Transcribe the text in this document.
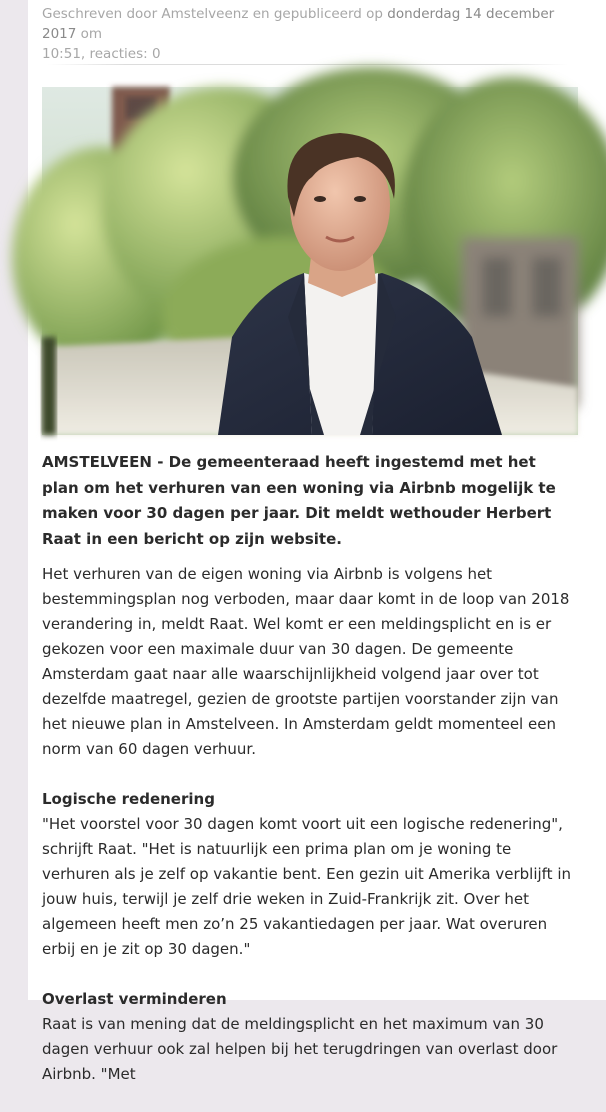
Geschreven door Amstelveenz en gepubliceerd op donderdag 14 december 2017 om
10:51, reacties: 0

AMSTELVEEN - De gemeenteraad heeft ingestemd met het plan om het verhuren van een woning via Airbnb mogelijk te maken voor 30 dagen per jaar. Dit meldt wethouder Herbert Raat in een bericht op zijn website.

Het verhuren van de eigen woning via Airbnb is volgens het bestemmingsplan nog verboden, maar daar komt in de loop van 2018 verandering in, meldt Raat. Wel komt er een meldingsplicht en is er gekozen voor een maximale duur van 30 dagen. De gemeente Amsterdam gaat naar alle waarschijnlijkheid volgend jaar over tot dezelfde maatregel, gezien de grootste partijen voorstander zijn van het nieuwe plan in Amstelveen. In Amsterdam geldt momenteel een norm van 60 dagen verhuur.

Logische redenering

"Het voorstel voor 30 dagen komt voort uit een logische redenering", schrijft Raat. "Het is natuurlijk een prima plan om je woning te verhuren als je zelf op vakantie bent. Een gezin uit Amerika verblijft in jouw huis, terwijl je zelf drie weken in Zuid-Frankrijk zit. Over het algemeen heeft men zo’n 25 vakantiedagen per jaar. Wat overuren erbij en je zit op 30 dagen."

Overlast verminderen

Raat is van mening dat de meldingsplicht en het maximum van 30 dagen verhuur ook zal helpen bij het terugdringen van overlast door Airbnb. "Met
